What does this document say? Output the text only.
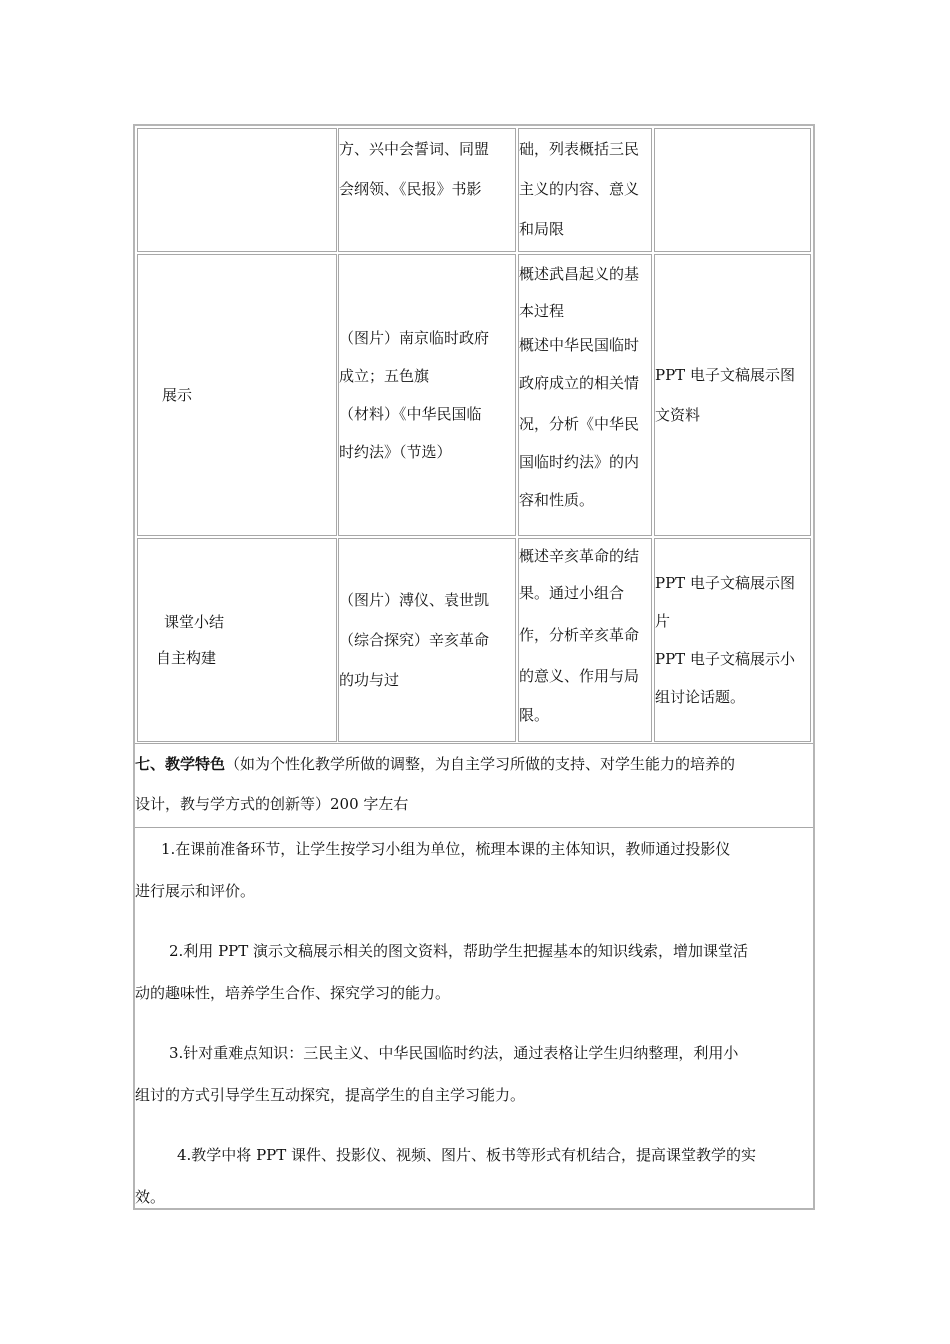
方、兴中会誓词、同盟
会纲领、《民报》书影
础，列表概括三民
主义的内容、意义
和局限
展示
（图片）南京临时政府
成立；五色旗
（材料）《中华民国临
时约法》（节选）
概述武昌起义的基
本过程
概述中华民国临时
政府成立的相关情
况，分析《中华民
国临时约法》的内
容和性质。
PPT 电子文稿展示图
文资料
课堂小结
自主构建
（图片）溥仪、袁世凯
（综合探究）辛亥革命
的功与过
概述辛亥革命的结
果。通过小组合
作，分析辛亥革命
的意义、作用与局
限。
PPT 电子文稿展示图
片
PPT 电子文稿展示小
组讨论话题。

七、教学特色（如为个性化教学所做的调整，为自主学习所做的支持、对学生能力的培养的

设计，教与学方式的创新等）200 字左右

1.在课前准备环节，让学生按学习小组为单位，梳理本课的主体知识，教师通过投影仪

进行展示和评价。

2.利用 PPT 演示文稿展示相关的图文资料，帮助学生把握基本的知识线索，增加课堂活

动的趣味性，培养学生合作、探究学习的能力。

3.针对重难点知识：三民主义、中华民国临时约法，通过表格让学生归纳整理，利用小

组讨的方式引导学生互动探究，提高学生的自主学习能力。

4.教学中将 PPT 课件、投影仪、视频、图片、板书等形式有机结合，提高课堂教学的实

效。
